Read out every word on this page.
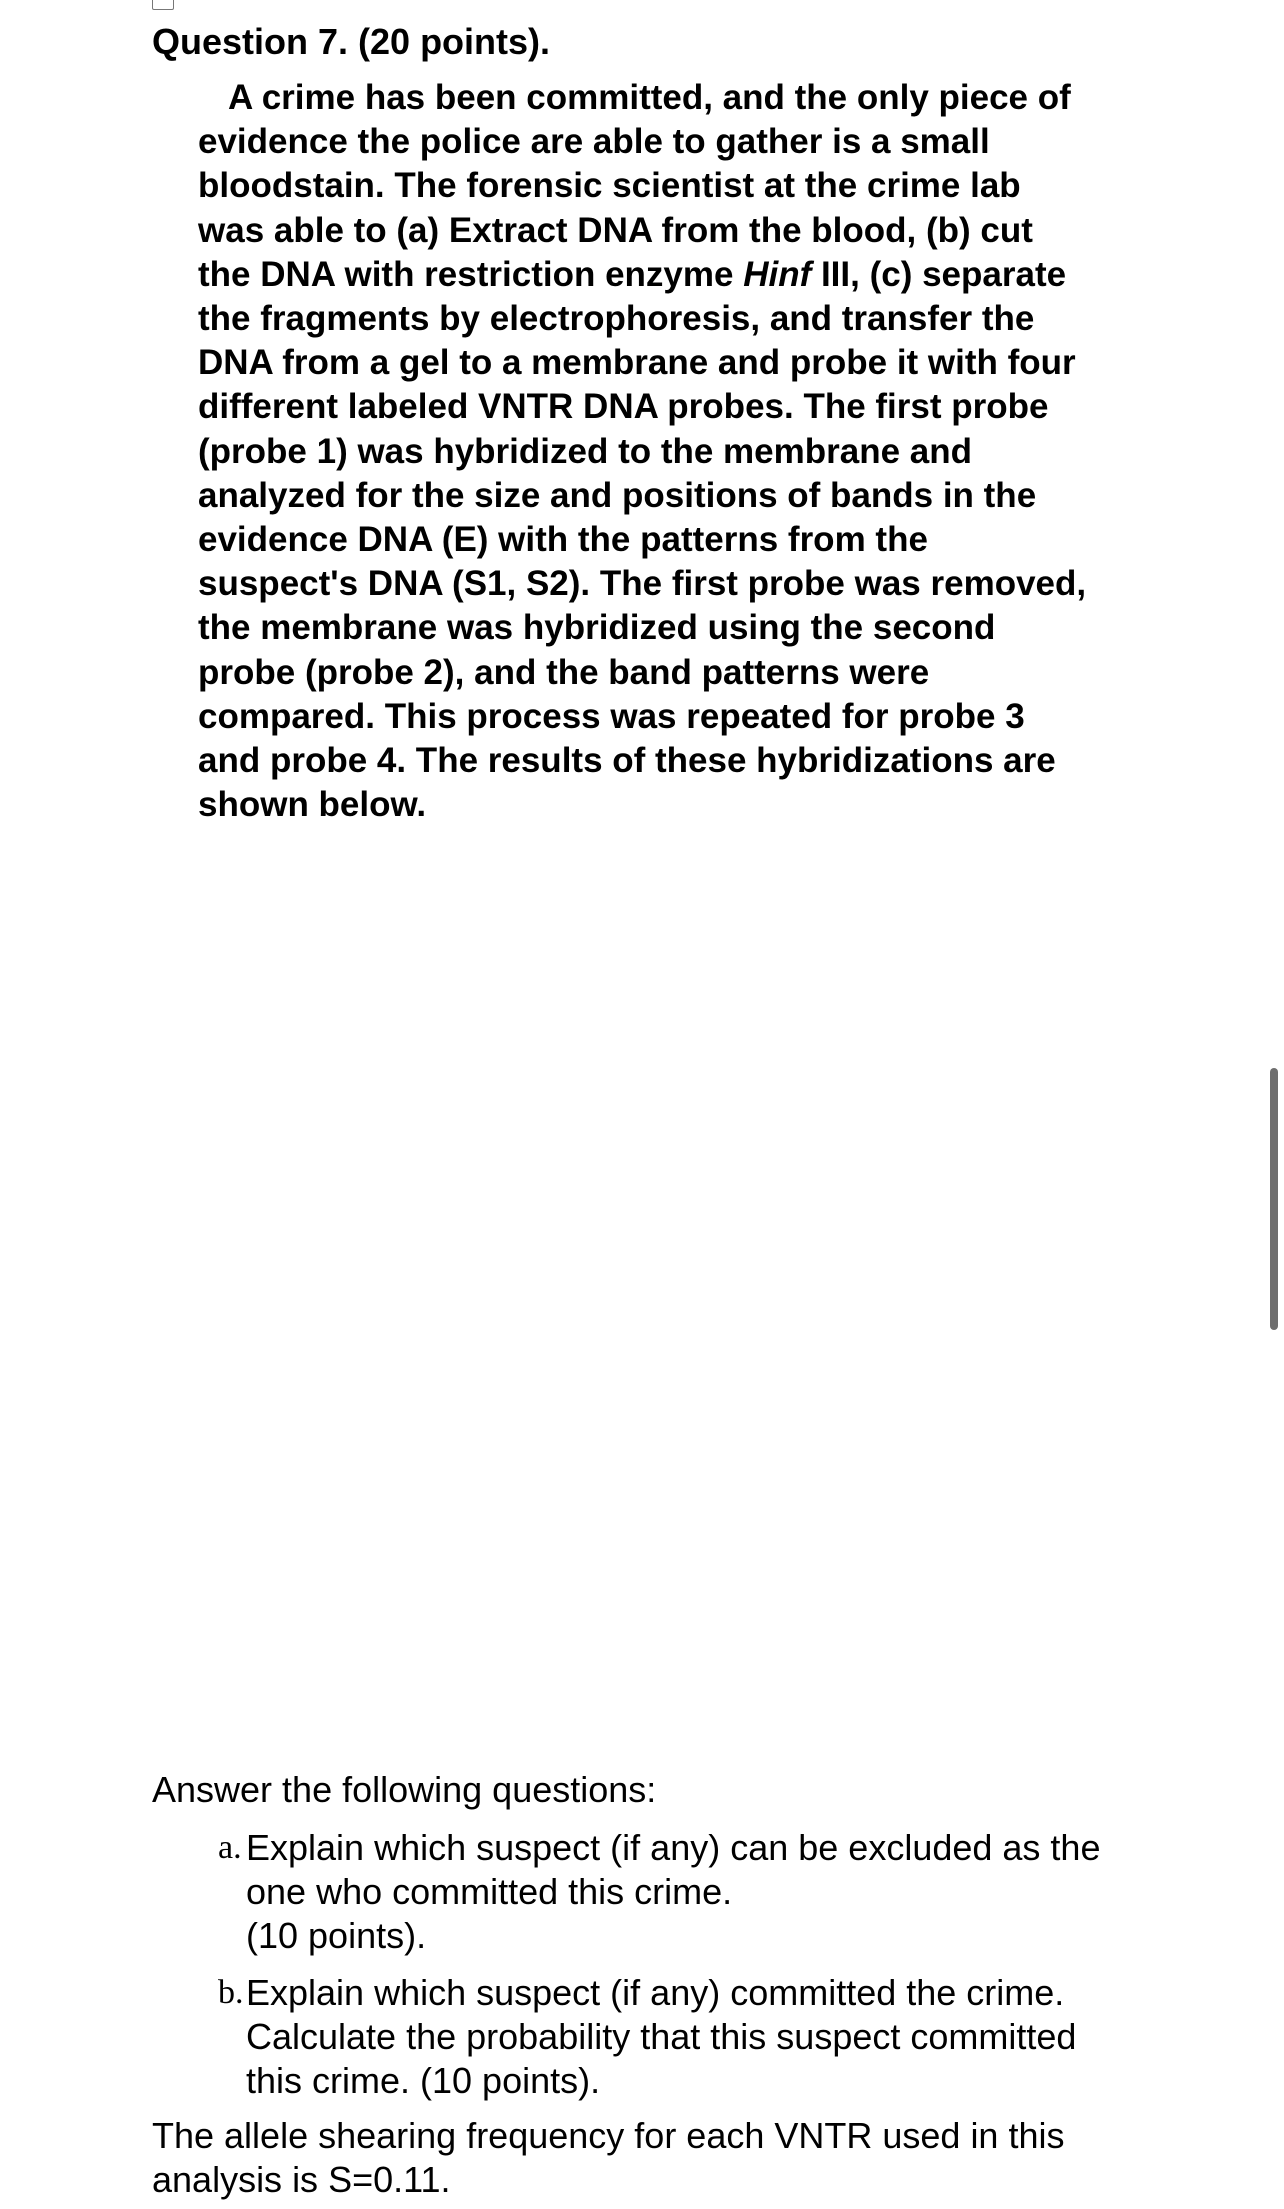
Question 7. (20 points).

A crime has been committed, and the only piece of
evidence the police are able to gather is a small
bloodstain. The forensic scientist at the crime lab
was able to (a) Extract DNA from the blood, (b) cut
the DNA with restriction enzyme Hinf III, (c) separate
the fragments by electrophoresis, and transfer the
DNA from a gel to a membrane and probe it with four
different labeled VNTR DNA probes. The first probe
(probe 1) was hybridized to the membrane and
analyzed for the size and positions of bands in the
evidence DNA (E) with the patterns from the
suspect's DNA (S1, S2). The first probe was removed,
the membrane was hybridized using the second
probe (probe 2), and the band patterns were
compared. This process was repeated for probe 3
and probe 4. The results of these hybridizations are
shown below.

Answer the following questions:

a. Explain which suspect (if any) can be excluded as the
one who committed this crime.
(10 points).
b. Explain which suspect (if any) committed the crime.
Calculate the probability that this suspect committed
this crime. (10 points).

The allele shearing frequency for each VNTR used in this
analysis is S=0.11.
